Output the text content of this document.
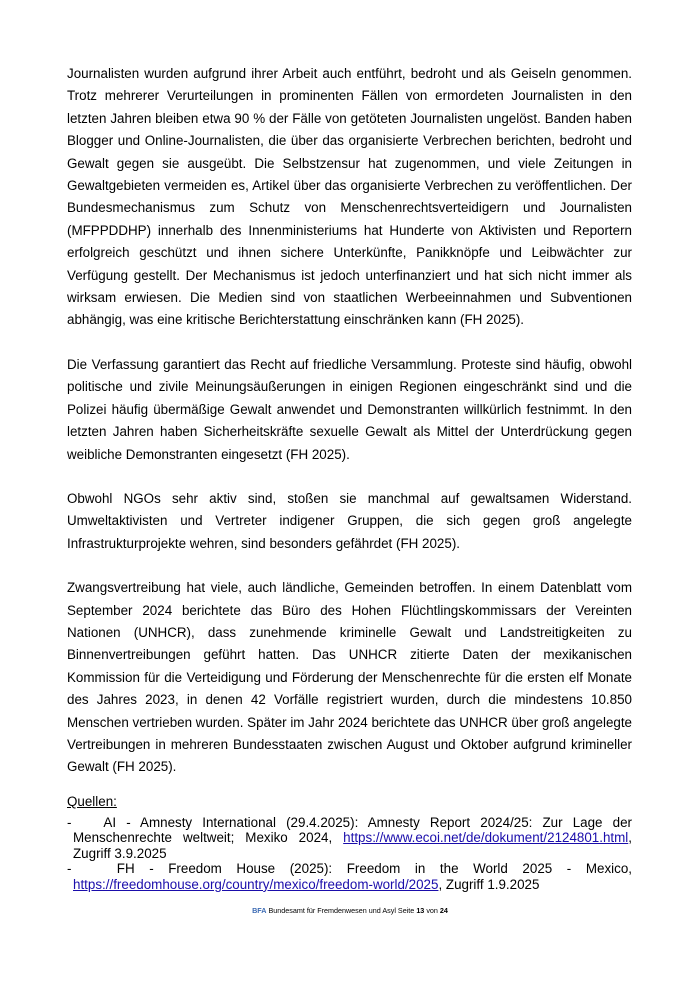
Journalisten wurden aufgrund ihrer Arbeit auch entführt, bedroht und als Geiseln genommen. Trotz mehrerer Verurteilungen in prominenten Fällen von ermordeten Journalisten in den letzten Jahren bleiben etwa 90 % der Fälle von getöteten Journalisten ungelöst. Banden haben Blogger und Online-Journalisten, die über das organisierte Verbrechen berichten, bedroht und Gewalt gegen sie ausgeübt. Die Selbstzensur hat zugenommen, und viele Zeitungen in Gewaltgebieten vermeiden es, Artikel über das organisierte Verbrechen zu veröffentlichen. Der Bundesmechanismus zum Schutz von Menschenrechtsverteidigern und Journalisten (MFPPDDHP) innerhalb des Innenministeriums hat Hunderte von Aktivisten und Reportern erfolgreich geschützt und ihnen sichere Unterkünfte, Panikknöpfe und Leibwächter zur Verfügung gestellt. Der Mechanismus ist jedoch unterfinanziert und hat sich nicht immer als wirksam erwiesen. Die Medien sind von staatlichen Werbeeinnahmen und Subventionen abhängig, was eine kritische Berichterstattung einschränken kann (FH 2025).

Die Verfassung garantiert das Recht auf friedliche Versammlung. Proteste sind häufig, obwohl politische und zivile Meinungsäußerungen in einigen Regionen eingeschränkt sind und die Polizei häufig übermäßige Gewalt anwendet und Demonstranten willkürlich festnimmt. In den letzten Jahren haben Sicherheitskräfte sexuelle Gewalt als Mittel der Unterdrückung gegen weibliche Demonstranten eingesetzt (FH 2025).

Obwohl NGOs sehr aktiv sind, stoßen sie manchmal auf gewaltsamen Widerstand. Umweltaktivisten und Vertreter indigener Gruppen, die sich gegen groß angelegte Infrastrukturprojekte wehren, sind besonders gefährdet (FH 2025).

Zwangsvertreibung hat viele, auch ländliche, Gemeinden betroffen. In einem Datenblatt vom September 2024 berichtete das Büro des Hohen Flüchtlingskommissars der Vereinten Nationen (UNHCR), dass zunehmende kriminelle Gewalt und Landstreitigkeiten zu Binnenvertreibungen geführt hatten. Das UNHCR zitierte Daten der mexikanischen Kommission für die Verteidigung und Förderung der Menschenrechte für die ersten elf Monate des Jahres 2023, in denen 42 Vorfälle registriert wurden, durch die mindestens 10.850 Menschen vertrieben wurden. Später im Jahr 2024 berichtete das UNHCR über groß angelegte Vertreibungen in mehreren Bundesstaaten zwischen August und Oktober aufgrund krimineller Gewalt (FH 2025).

Quellen:
-	AI - Amnesty International (29.4.2025): Amnesty Report 2024/25: Zur Lage der Menschenrechte weltweit; Mexiko 2024, https://www.ecoi.net/de/dokument/2124801.html, Zugriff 3.9.2025
-	FH - Freedom House (2025): Freedom in the World 2025 - Mexico, https://freedomhouse.org/country/mexico/freedom-world/2025, Zugriff 1.9.2025
BFA Bundesamt für Fremdenwesen und Asyl Seite 13 von 24
